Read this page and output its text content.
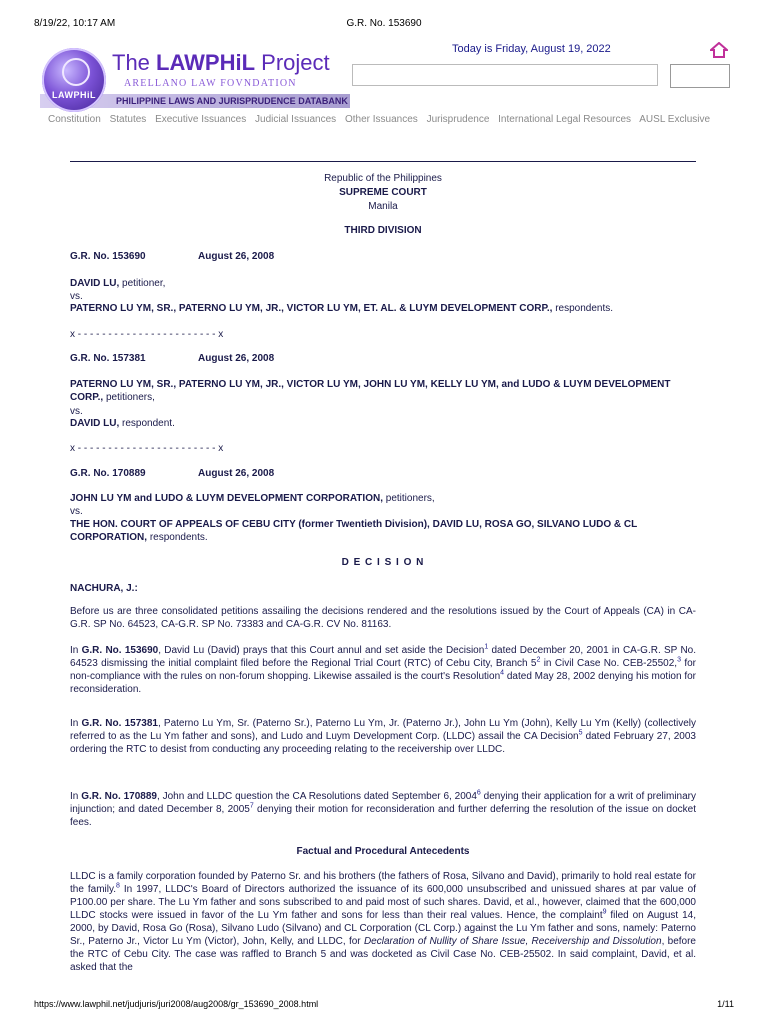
8/19/22, 10:17 AM	G.R. No. 153690
PHILIPPINE LAWS AND JURISPRUDENCE DATABANK
LAWPHiL
The LAWPHiL Project
ARELLANO LAW FOVNDATION
Today is Friday, August 19, 2022
Constitution Statutes Executive Issuances Judicial Issuances Other Issuances Jurisprudence International Legal Resources AUSL Exclusive
Republic of the Philippines
SUPREME COURT
Manila
THIRD DIVISION
G.R. No. 153690	August 26, 2008
DAVID LU, petitioner,
vs.
PATERNO LU YM, SR., PATERNO LU YM, JR., VICTOR LU YM, ET. AL. & LUYM DEVELOPMENT CORP., respondents.
x - - - - - - - - - - - - - - - - - - - - - - - x
G.R. No. 157381	August 26, 2008
PATERNO LU YM, SR., PATERNO LU YM, JR., VICTOR LU YM, JOHN LU YM, KELLY LU YM, and LUDO & LUYM DEVELOPMENT CORP., petitioners,
vs.
DAVID LU, respondent.
x - - - - - - - - - - - - - - - - - - - - - - - x
G.R. No. 170889	August 26, 2008
JOHN LU YM and LUDO & LUYM DEVELOPMENT CORPORATION, petitioners,
vs.
THE HON. COURT OF APPEALS OF CEBU CITY (former Twentieth Division), DAVID LU, ROSA GO, SILVANO LUDO & CL CORPORATION, respondents.
D E C I S I O N
NACHURA, J.:
Before us are three consolidated petitions assailing the decisions rendered and the resolutions issued by the Court of Appeals (CA) in CA-G.R. SP No. 64523, CA-G.R. SP No. 73383 and CA-G.R. CV No. 81163.
In G.R. No. 153690, David Lu (David) prays that this Court annul and set aside the Decision$^1$ dated December 20, 2001 in CA-G.R. SP No. 64523 dismissing the initial complaint filed before the Regional Trial Court (RTC) of Cebu City, Branch $5^2$ in Civil Case No. CEB-25502,$^3$ for non-compliance with the rules on non-forum shopping. Likewise assailed is the court's Resolution$^4$ dated May 28, 2002 denying his motion for reconsideration.
In G.R. No. 157381, Paterno Lu Ym, Sr. (Paterno Sr.), Paterno Lu Ym, Jr. (Paterno Jr.), John Lu Ym (John), Kelly Lu Ym (Kelly) (collectively referred to as the Lu Ym father and sons), and Ludo and Luym Development Corp. (LLDC) assail the CA Decision$^5$ dated February 27, 2003 ordering the RTC to desist from conducting any proceeding relating to the receivership over LLDC.
In G.R. No. 170889, John and LLDC question the CA Resolutions dated September 6, 2004$^6$ denying their application for a writ of preliminary injunction; and dated December 8, 2005$^7$ denying their motion for reconsideration and further deferring the resolution of the issue on docket fees.
Factual and Procedural Antecedents
LLDC is a family corporation founded by Paterno Sr. and his brothers (the fathers of Rosa, Silvano and David), primarily to hold real estate for the family.$^8$ In 1997, LLDC's Board of Directors authorized the issuance of its 600,000 unsubscribed and unissued shares at par value of P100.00 per share. The Lu Ym father and sons subscribed to and paid most of such shares. David, et al., however, claimed that the 600,000 LLDC stocks were issued in favor of the Lu Ym father and sons for less than their real values. Hence, the complaint$^9$ filed on August 14, 2000, by David, Rosa Go (Rosa), Silvano Ludo (Silvano) and CL Corporation (CL Corp.) against the Lu Ym father and sons, namely: Paterno Sr., Paterno Jr., Victor Lu Ym (Victor), John, Kelly, and LLDC, for Declaration of Nullity of Share Issue, Receivership and Dissolution, before the RTC of Cebu City. The case was raffled to Branch 5 and was docketed as Civil Case No. CEB-25502. In said complaint, David, et al. asked that the
https://www.lawphil.net/judjuris/juri2008/aug2008/gr_153690_2008.html	1/11
